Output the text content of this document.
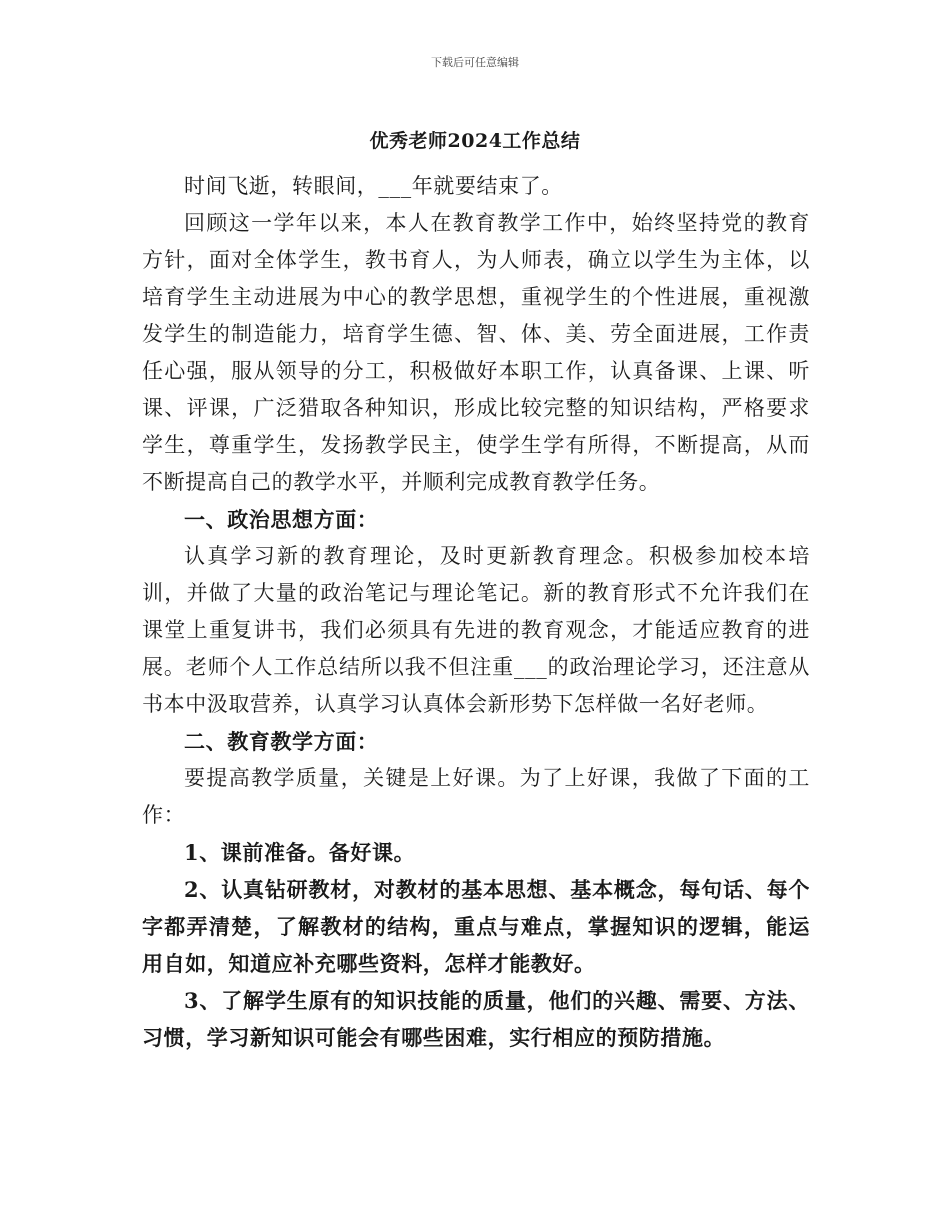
下载后可任意编辑
优秀老师2024工作总结

时间飞逝，转眼间，___年就要结束了。

回顾这一学年以来，本人在教育教学工作中，始终坚持党的教育方针，面对全体学生，教书育人，为人师表，确立以学生为主体，以培育学生主动进展为中心的教学思想，重视学生的个性进展，重视激发学生的制造能力，培育学生德、智、体、美、劳全面进展，工作责任心强，服从领导的分工，积极做好本职工作，认真备课、上课、听课、评课，广泛猎取各种知识，形成比较完整的知识结构，严格要求学生，尊重学生，发扬教学民主，使学生学有所得，不断提高，从而不断提高自己的教学水平，并顺利完成教育教学任务。

一、政治思想方面：

认真学习新的教育理论，及时更新教育理念。积极参加校本培训，并做了大量的政治笔记与理论笔记。新的教育形式不允许我们在课堂上重复讲书，我们必须具有先进的教育观念，才能适应教育的进展。老师个人工作总结所以我不但注重___的政治理论学习，还注意从书本中汲取营养，认真学习认真体会新形势下怎样做一名好老师。

二、教育教学方面：

要提高教学质量，关键是上好课。为了上好课，我做了下面的工作：

1、课前准备。备好课。

2、认真钻研教材，对教材的基本思想、基本概念，每句话、每个字都弄清楚，了解教材的结构，重点与难点，掌握知识的逻辑，能运用自如，知道应补充哪些资料，怎样才能教好。

3、了解学生原有的知识技能的质量，他们的兴趣、需要、方法、习惯，学习新知识可能会有哪些困难，实行相应的预防措施。
